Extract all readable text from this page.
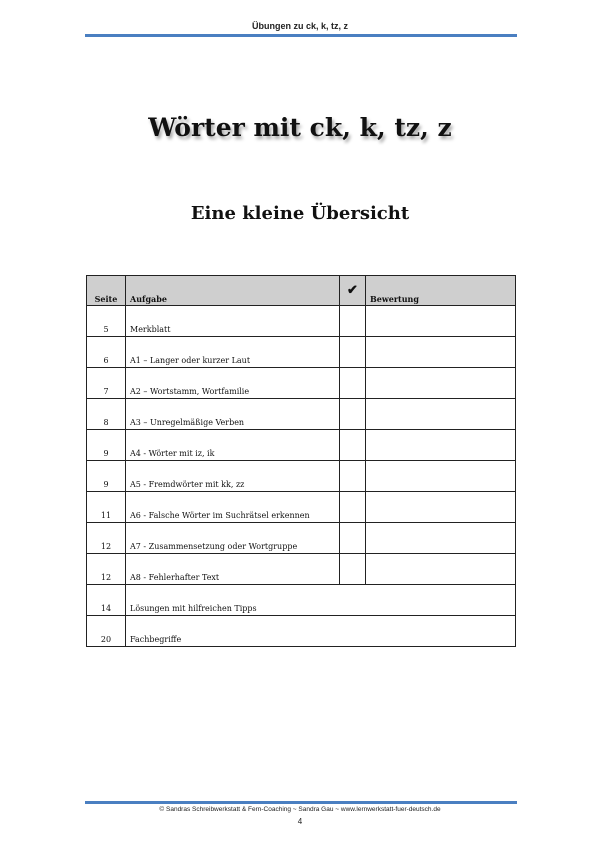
Übungen zu ck, k, tz, z
Wörter mit ck, k, tz, z
Eine kleine Übersicht
Seite	Aufgabe	✔	Bewertung
5	Merkblatt		
6	A1 – Langer oder kurzer Laut		
7	A2 – Wortstamm, Wortfamilie		
8	A3 – Unregelmäßige Verben		
9	A4 - Wörter mit iz, ik		
9	A5 - Fremdwörter mit kk, zz		
11	A6 - Falsche Wörter im Suchrätsel erkennen		
12	A7 - Zusammensetzung oder Wortgruppe		
12	A8 - Fehlerhafter Text		
14	Lösungen mit hilfreichen Tipps		
20	Fachbegriffe		
© Sandras Schreibwerkstatt & Fern-Coaching ~ Sandra Gau ~ www.lernwerkstatt-fuer-deutsch.de
4
